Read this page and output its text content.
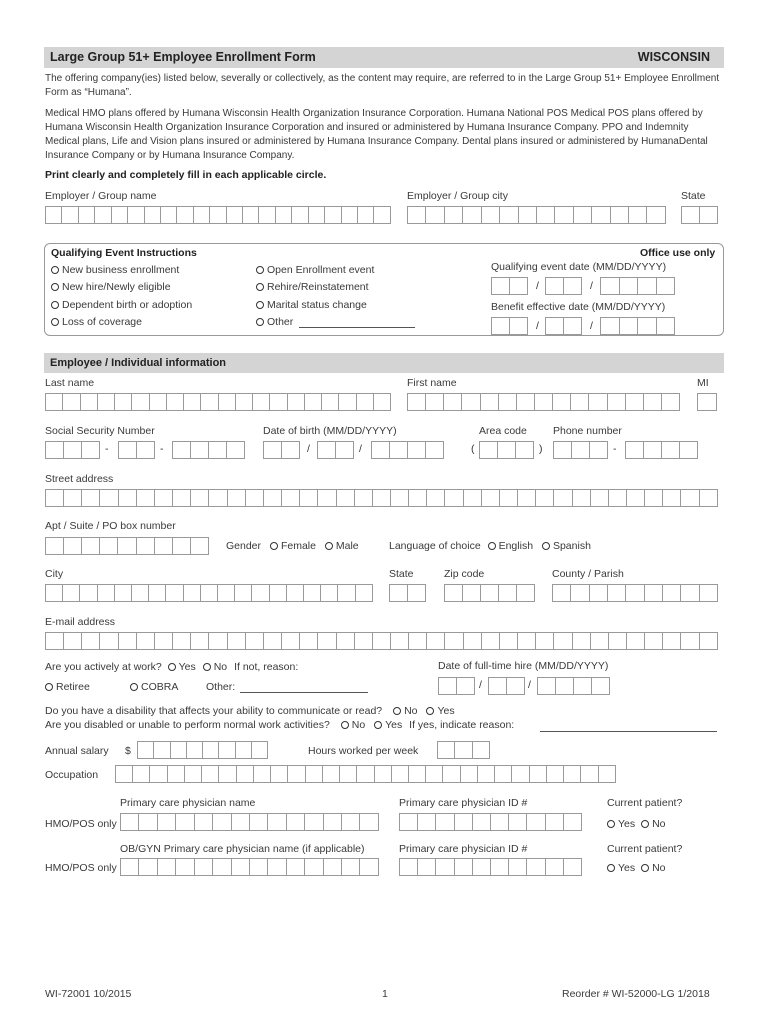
Large Group 51+ Employee Enrollment Form	WISCONSIN
The offering company(ies) listed below, severally or collectively, as the content may require, are referred to in the Large Group 51+ Employee Enrollment Form as “Humana”.
Medical HMO plans offered by Humana Wisconsin Health Organization Insurance Corporation. Humana National POS Medical POS plans offered by Humana Wisconsin Health Organization Insurance Corporation and insured or administered by Humana Insurance Company. PPO and Indemnity Medical plans, Life and Vision plans insured or administered by Humana Insurance Company. Dental plans insured or administered by HumanaDental Insurance Company or by Humana Insurance Company.
Print clearly and completely fill in each applicable circle.
Employer / Group name	Employer / Group city	State
Qualifying Event Instructions	Office use only
New business enrollment
New hire/Newly eligible
Dependent birth or adoption
Loss of coverage
Open Enrollment event
Rehire/Reinstatement
Marital status change
Other
Qualifying event date (MM/DD/YYYY)
/	/
Benefit effective date (MM/DD/YYYY)
/	/
Employee / Individual information
Last name	First name	MI
Social Security Number
-	-
Date of birth (MM/DD/YYYY)
/	/
Area code
(	)
Phone number
-
Street address
Apt / Suite / PO box number
Gender Female Male	Language of choice English Spanish
City	State	Zip code	County / Parish
E-mail address
Are you actively at work? Yes No If not, reason:
Retiree	COBRA	Other:
Date of full-time hire (MM/DD/YYYY)
/	/
Do you have a disability that affects your ability to communicate or read? No Yes
Are you disabled or unable to perform normal work activities? No Yes If yes, indicate reason:
Annual salary $	Hours worked per week
Occupation
Primary care physician name
HMO/POS only
Primary care physician ID #	Current patient?
Yes No
OB/GYN Primary care physician name (if applicable)
HMO/POS only
Primary care physician ID #	Current patient?
Yes No
WI-72001 10/2015	1	Reorder # WI-52000-LG 1/2018
